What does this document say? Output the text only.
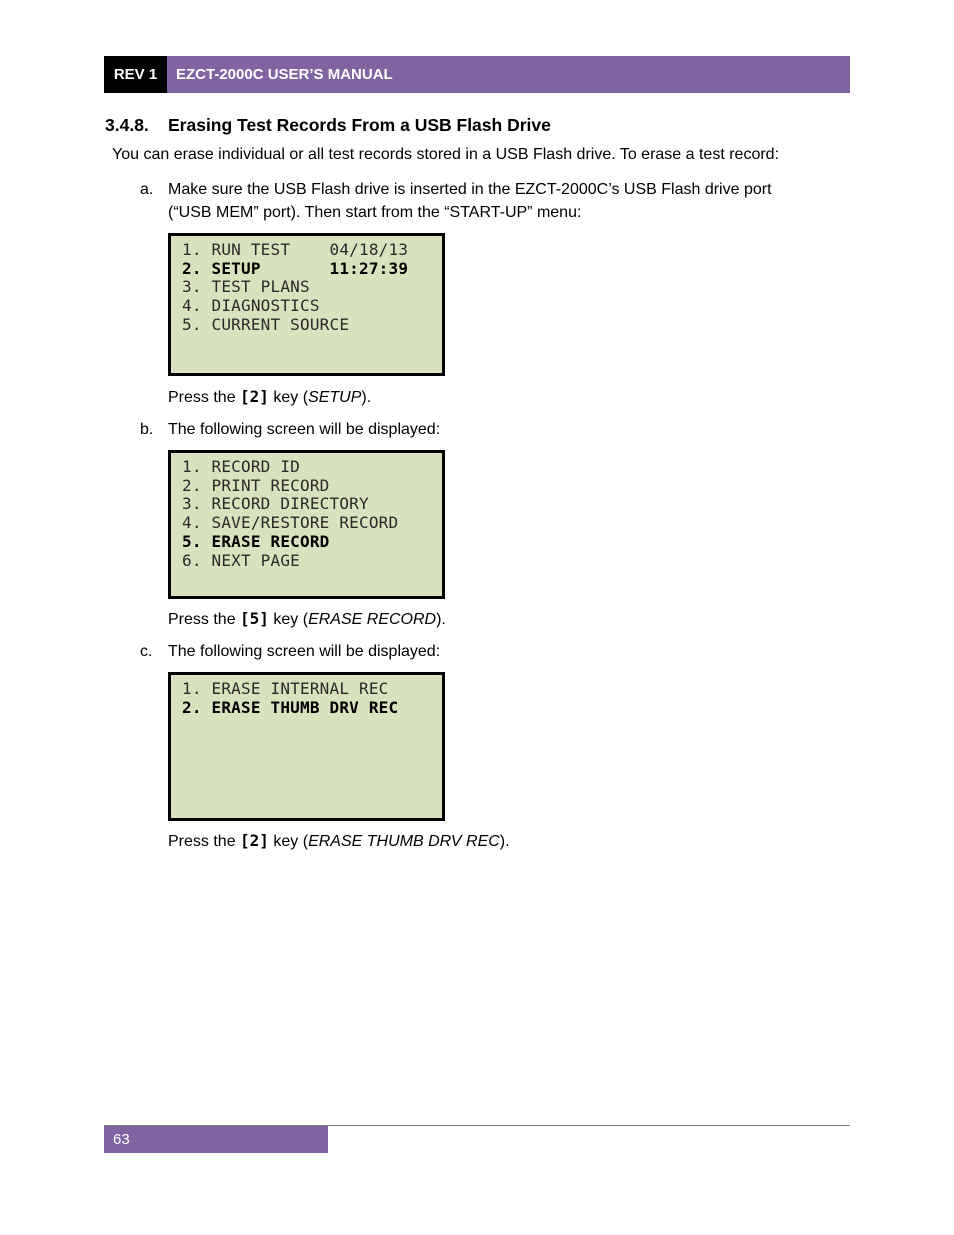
REV 1	EZCT-2000C USER’S MANUAL
3.4.8. Erasing Test Records From a USB Flash Drive
You can erase individual or all test records stored in a USB Flash drive. To erase a test record:
a. Make sure the USB Flash drive is inserted in the EZCT-2000C’s USB Flash drive port
(“USB MEM” port). Then start from the “START-UP” menu:
1. RUN TEST    04/18/13
2. SETUP       11:27:39
3. TEST PLANS
4. DIAGNOSTICS
5. CURRENT SOURCE
Press the [2] key (SETUP).
b. The following screen will be displayed:
1. RECORD ID
2. PRINT RECORD
3. RECORD DIRECTORY
4. SAVE/RESTORE RECORD
5. ERASE RECORD
6. NEXT PAGE
Press the [5] key (ERASE RECORD).
c. The following screen will be displayed:
1. ERASE INTERNAL REC
2. ERASE THUMB DRV REC
Press the [2] key (ERASE THUMB DRV REC).
63
